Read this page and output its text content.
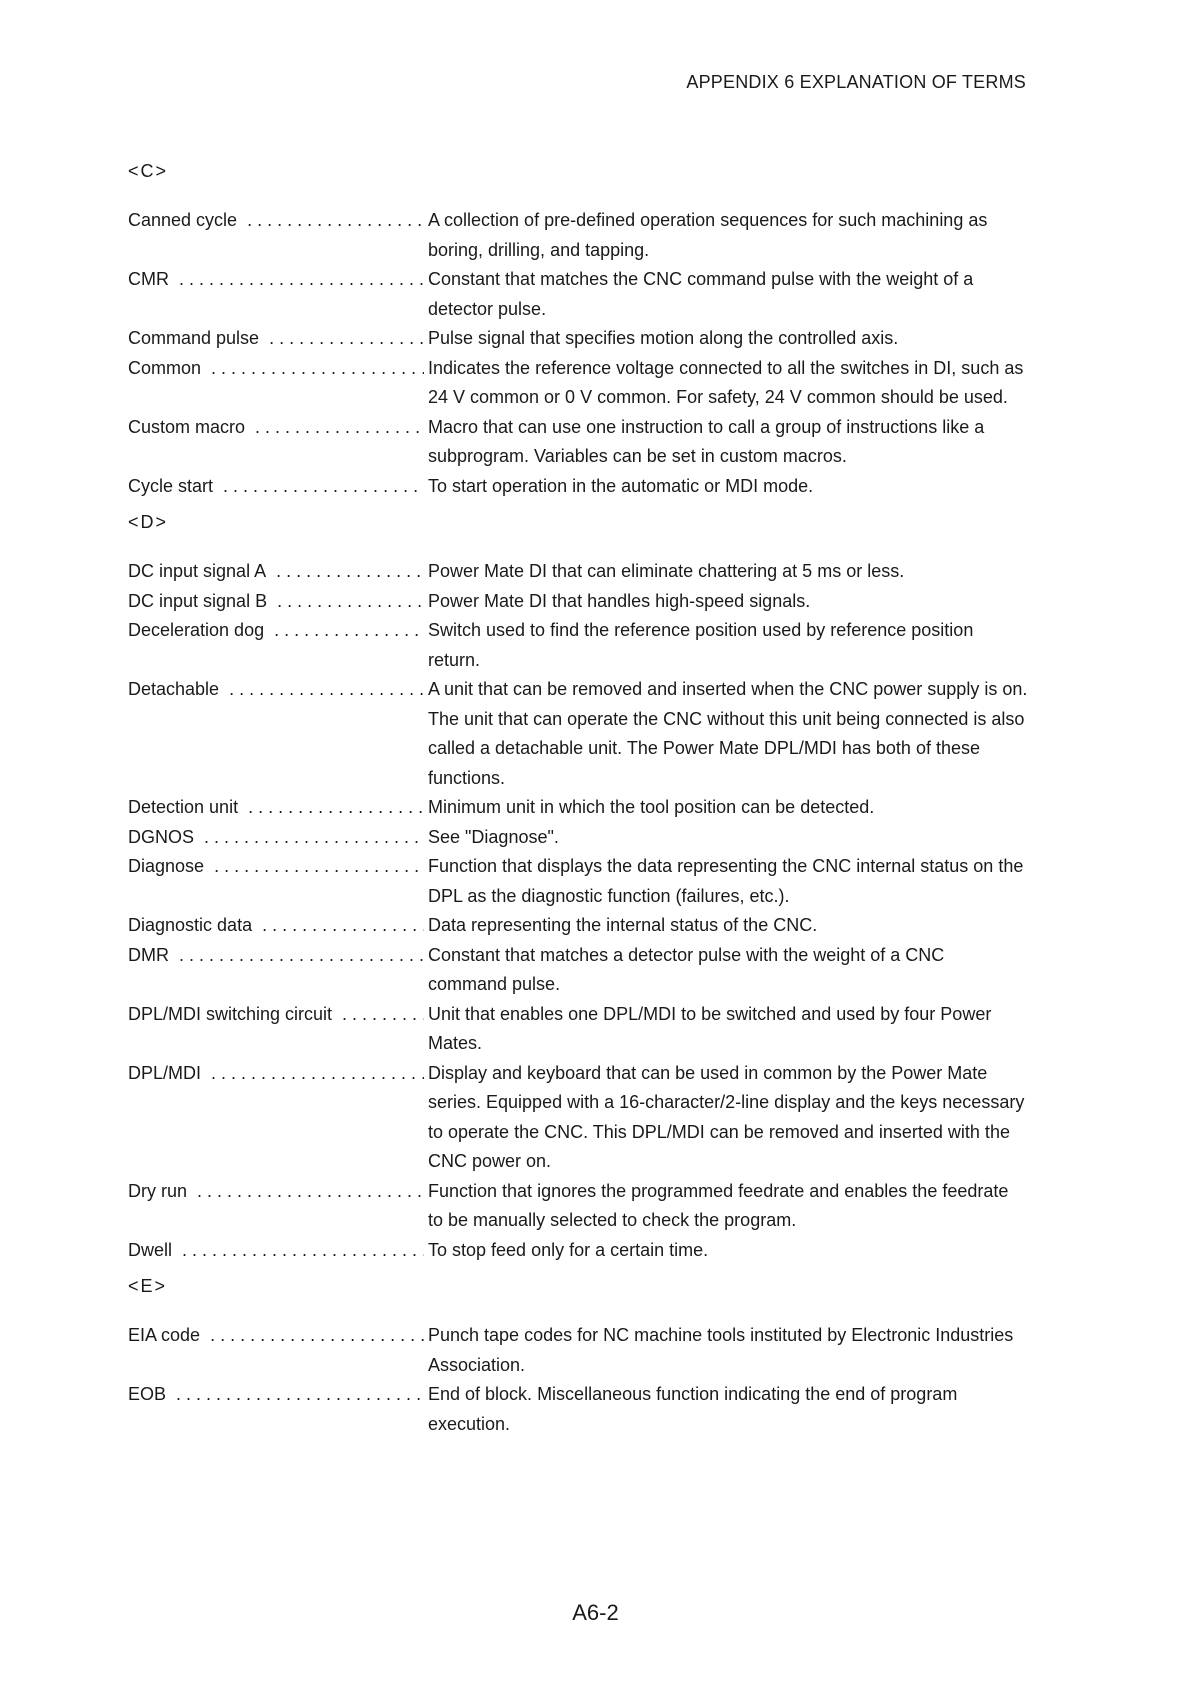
APPENDIX 6 EXPLANATION OF TERMS
<C>
Canned cycle . . .	A collection of pre-defined operation sequences for such machining as boring, drilling, and tapping.
CMR . . .	Constant that matches the CNC command pulse with the weight of a detector pulse.
Command pulse . . .	Pulse signal that specifies motion along the controlled axis.
Common . . .	Indicates the reference voltage connected to all the switches in DI, such as 24 V common or 0 V common. For safety, 24 V common should be used.
Custom macro . . .	Macro that can use one instruction to call a group of instructions like a subprogram. Variables can be set in custom macros.
Cycle start . . .	To start operation in the automatic or MDI mode.
<D>
DC input signal A . . .	Power Mate DI that can eliminate chattering at 5 ms or less.
DC input signal B . . .	Power Mate DI that handles high-speed signals.
Deceleration dog . . .	Switch used to find the reference position used by reference position return.
Detachable . . .	A unit that can be removed and inserted when the CNC power supply is on. The unit that can operate the CNC without this unit being connected is also called a detachable unit. The Power Mate DPL/MDI has both of these functions.
Detection unit . . .	Minimum unit in which the tool position can be detected.
DGNOS . . .	See "Diagnose".
Diagnose . . .	Function that displays the data representing the CNC internal status on the DPL as the diagnostic function (failures, etc.).
Diagnostic data . . .	Data representing the internal status of the CNC.
DMR . . .	Constant that matches a detector pulse with the weight of a CNC command pulse.
DPL/MDI switching circuit . . .	Unit that enables one DPL/MDI to be switched and used by four Power Mates.
DPL/MDI . . .	Display and keyboard that can be used in common by the Power Mate series. Equipped with a 16-character/2-line display and the keys necessary to operate the CNC. This DPL/MDI can be removed and inserted with the CNC power on.
Dry run . . .	Function that ignores the programmed feedrate and enables the feedrate to be manually selected to check the program.
Dwell . . .	To stop feed only for a certain time.
<E>
EIA code . . .	Punch tape codes for NC machine tools instituted by Electronic Industries Association.
EOB . . .	End of block. Miscellaneous function indicating the end of program execution.
A6-2
